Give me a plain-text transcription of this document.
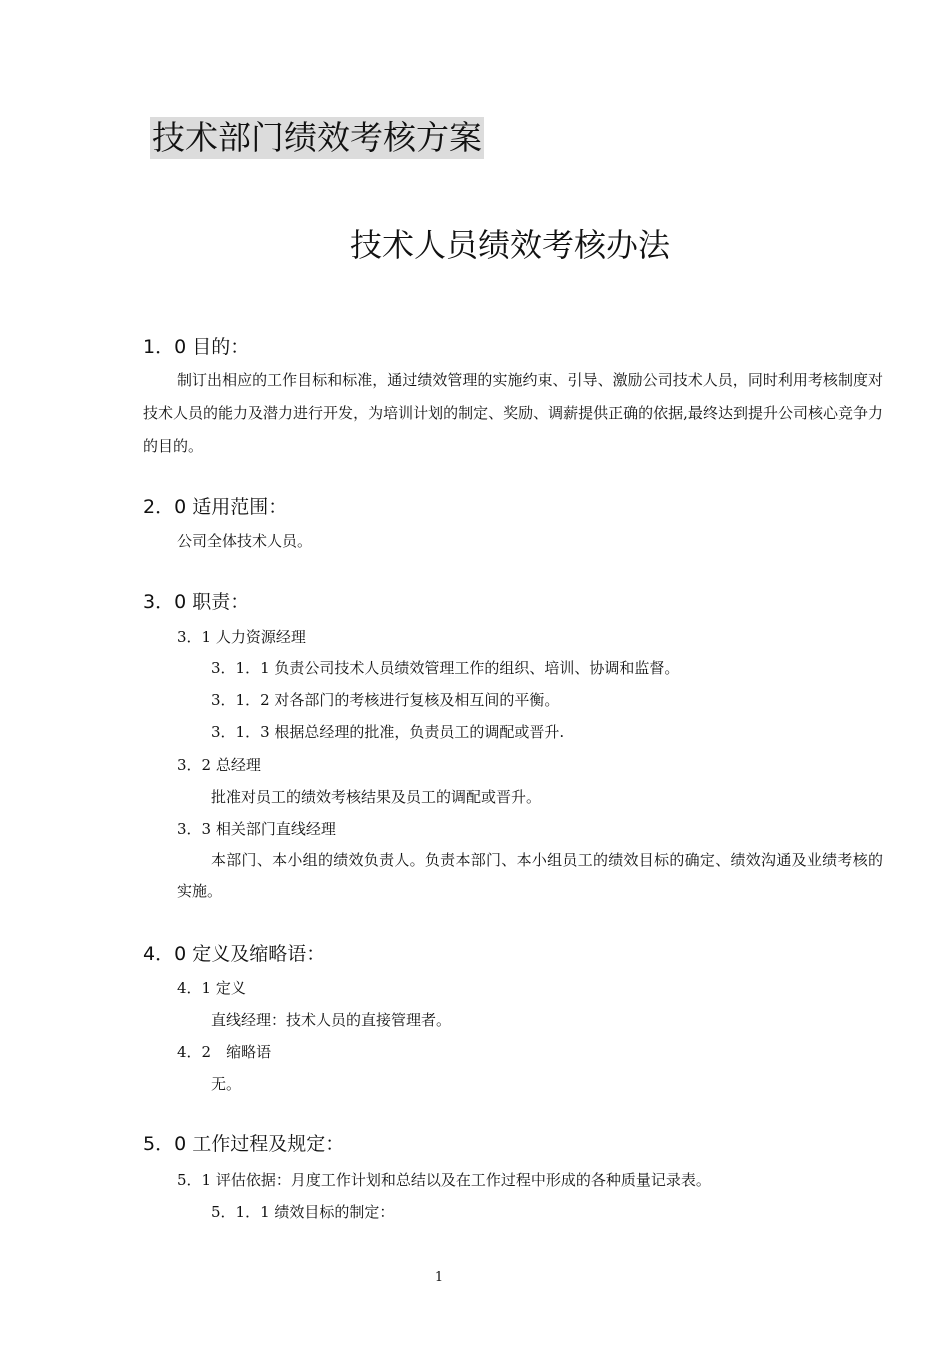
技术部门绩效考核方案
技术人员绩效考核办法
1．0 目的：
制订出相应的工作目标和标准，通过绩效管理的实施约束、引导、激励公司技术人员，同时利用考核制度对技术人员的能力及潜力进行开发，为培训计划的制定、奖励、调薪提供正确的依据,最终达到提升公司核心竞争力的目的。
2．0 适用范围：
公司全体技术人员。
3．0 职责：
3．1 人力资源经理
3．1．1 负责公司技术人员绩效管理工作的组织、培训、协调和监督。
3．1．2 对各部门的考核进行复核及相互间的平衡。
3．1．3 根据总经理的批准，负责员工的调配或晋升.
3．2 总经理
批准对员工的绩效考核结果及员工的调配或晋升。
3．3 相关部门直线经理
本部门、本小组的绩效负责人。负责本部门、本小组员工的绩效目标的确定、绩效沟通及业绩考核的实施。
4．0 定义及缩略语：
4．1 定义
直线经理：技术人员的直接管理者。
4．2　缩略语
无。
5．0 工作过程及规定：
5．1 评估依据：月度工作计划和总结以及在工作过程中形成的各种质量记录表。
5．1．1 绩效目标的制定：
1
